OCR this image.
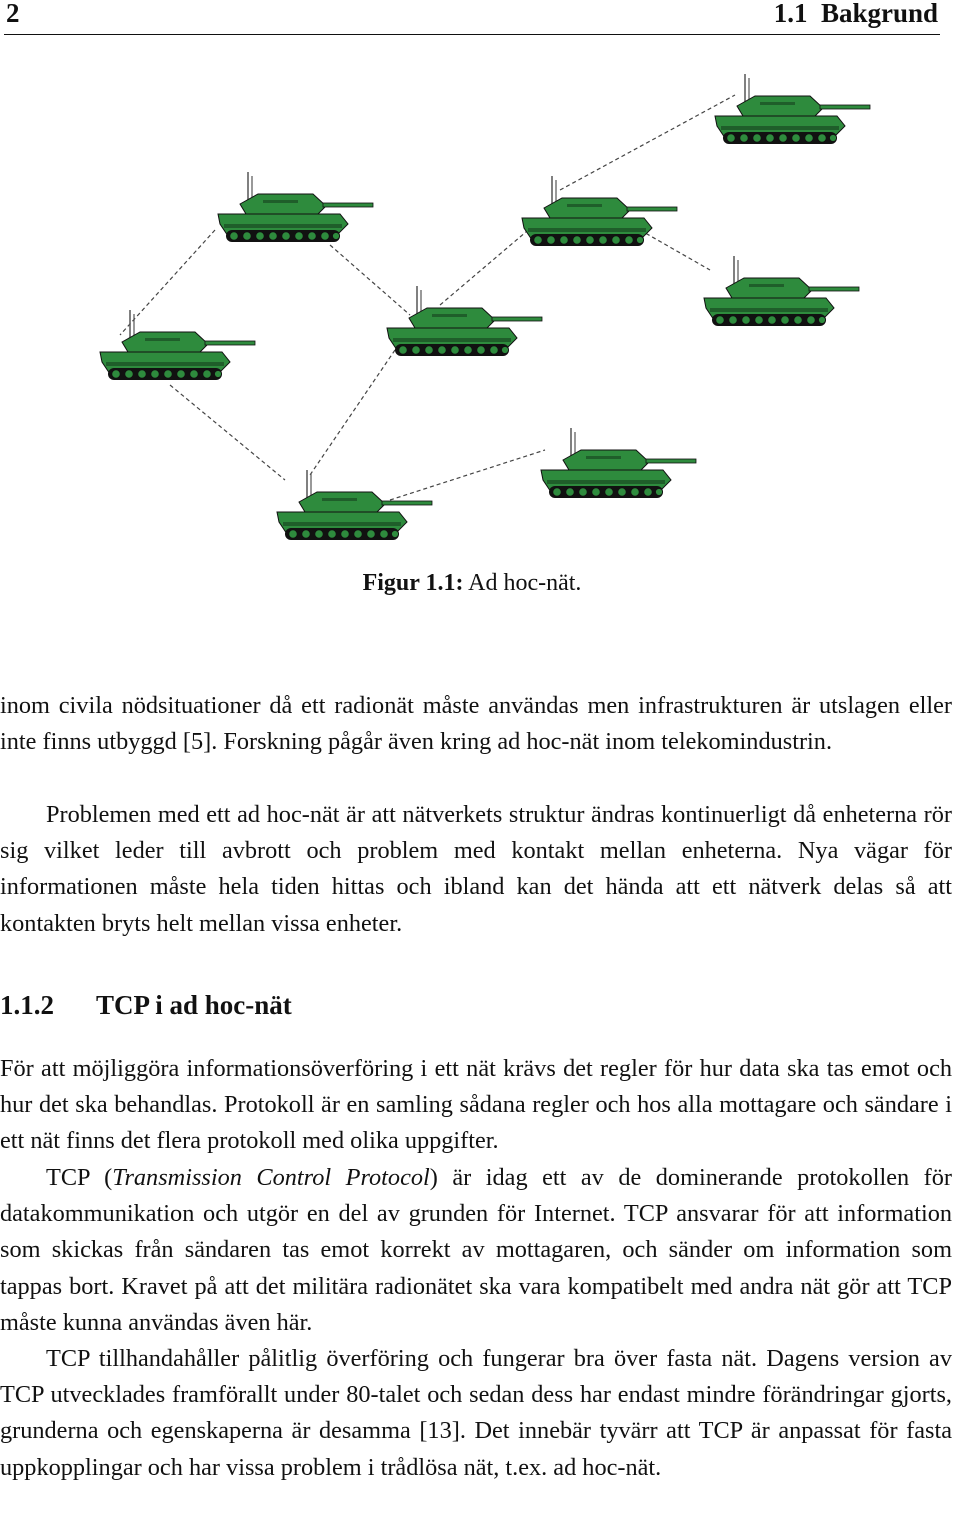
2	1.1  Bakgrund
Figur 1.1: Ad hoc-nät.

inom civila nödsituationer då ett radionät måste användas men infrastrukturen är utslagen eller inte finns utbyggd [5]. Forskning pågår även kring ad hoc-nät inom telekomindustrin.

Problemen med ett ad hoc-nät är att nätverkets struktur ändras kontinuerligt då enheterna rör sig vilket leder till avbrott och problem med kontakt mellan enheterna. Nya vägar för informationen måste hela tiden hittas och ibland kan det hända att ett nätverk delas så att kontakten bryts helt mellan vissa enheter.

1.1.2 TCP i ad hoc-nät

För att möjliggöra informationsöverföring i ett nät krävs det regler för hur data ska tas emot och hur det ska behandlas. Protokoll är en samling sådana regler och hos alla mottagare och sändare i ett nät finns det flera protokoll med olika uppgifter.

TCP (Transmission Control Protocol) är idag ett av de dominerande protokollen för datakommunikation och utgör en del av grunden för Internet. TCP ansvarar för att information som skickas från sändaren tas emot korrekt av mottagaren, och sänder om information som tappas bort. Kravet på att det militära radionätet ska vara kompatibelt med andra nät gör att TCP måste kunna användas även här.

TCP tillhandahåller pålitlig överföring och fungerar bra över fasta nät. Dagens version av TCP utvecklades framförallt under 80-talet och sedan dess har endast mindre förändringar gjorts, grunderna och egenskaperna är desamma [13]. Det innebär tyvärr att TCP är anpassat för fasta uppkopplingar och har vissa problem i trådlösa nät, t.ex. ad hoc-nät.
